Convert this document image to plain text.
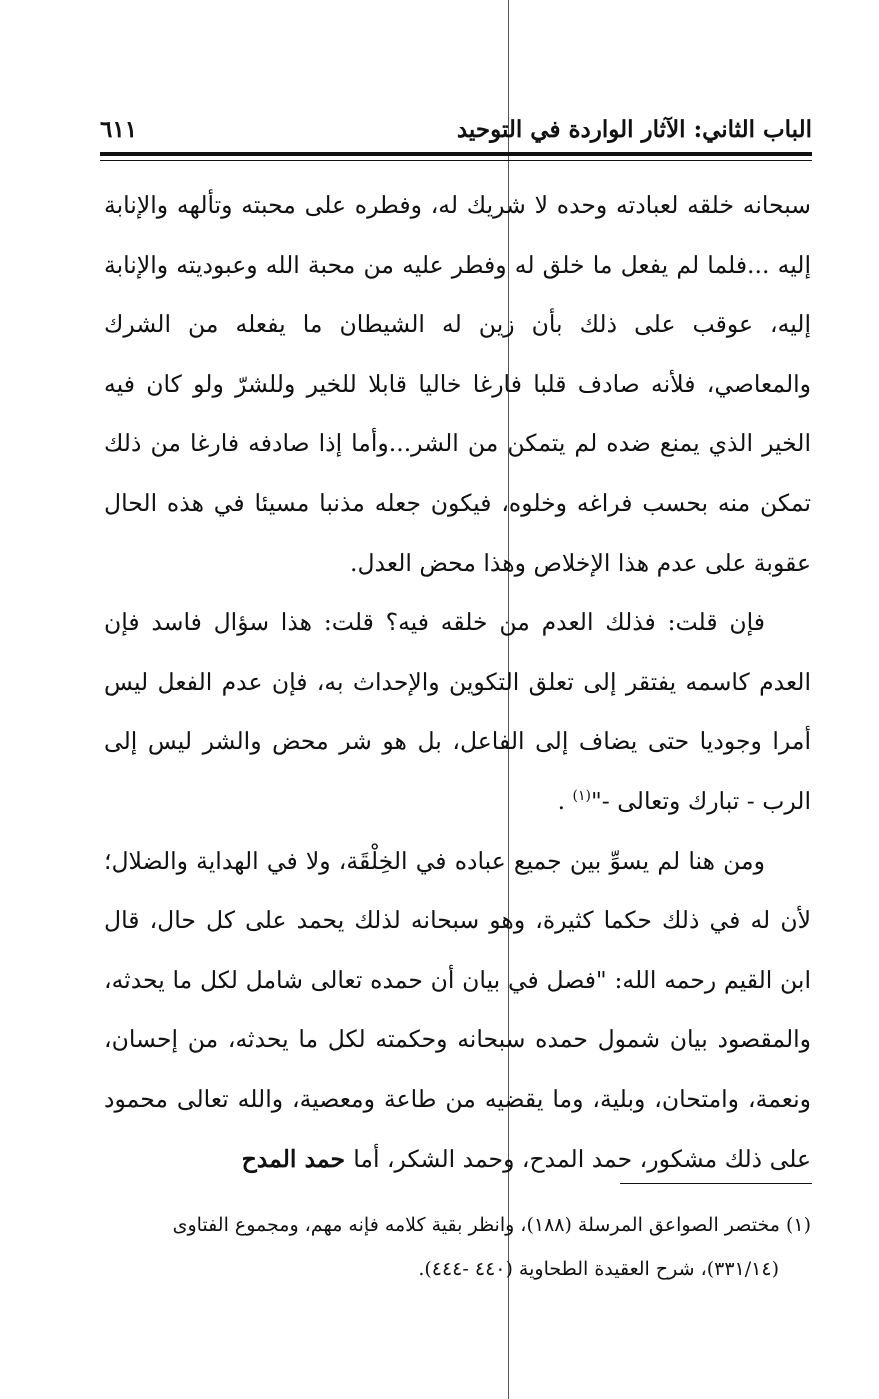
الباب الثاني: الآثار الواردة في التوحيد
٦١١

سبحانه خلقه لعبادته وحده لا شريك له، وفطره على محبته وتألهه والإنابة إليه ...فلما لم يفعل ما خلق له وفطر عليه من محبة الله وعبوديته والإنابة إليه، عوقب على ذلك بأن زين له الشيطان ما يفعله من الشرك والمعاصي، فلأنه صادف قلبا فارغا خاليا قابلا للخير وللشرّ ولو كان فيه الخير الذي يمنع ضده لم يتمكن من الشر...وأما إذا صادفه فارغا من ذلك تمكن منه بحسب فراغه وخلوه، فيكون جعله مذنبا مسيئا في هذه الحال عقوبة على عدم هذا الإخلاص وهذا محض العدل.

فإن قلت: فذلك العدم من خلقه فيه؟ قلت: هذا سؤال فاسد فإن العدم كاسمه يفتقر إلى تعلق التكوين والإحداث به، فإن عدم الفعل ليس أمرا وجوديا حتى يضاف إلى الفاعل، بل هو شر محض والشر ليس إلى الرب - تبارك وتعالى -"$^{(١)}$ .

ومن هنا لم يسوِّ بين جميع عباده في الخِلْقَة، ولا في الهداية والضلال؛ لأن له في ذلك حكما كثيرة، وهو سبحانه لذلك يحمد على كل حال، قال ابن القيم رحمه الله: "فصل في بيان أن حمده تعالى شامل لكل ما يحدثه، والمقصود بيان شمول حمده سبحانه وحكمته لكل ما يحدثه، من إحسان، ونعمة، وامتحان، وبلية، وما يقضيه من طاعة ومعصية، والله تعالى محمود على ذلك مشكور، حمد المدح، وحمد الشكر، أما حمد المدح

(١) مختصر الصواعق المرسلة (١٨٨)، وانظر بقية كلامه فإنه مهم، ومجموع الفتاوى

(٣٣١/١٤)، شرح العقيدة الطحاوية (٤٤٠ -٤٤٤).
